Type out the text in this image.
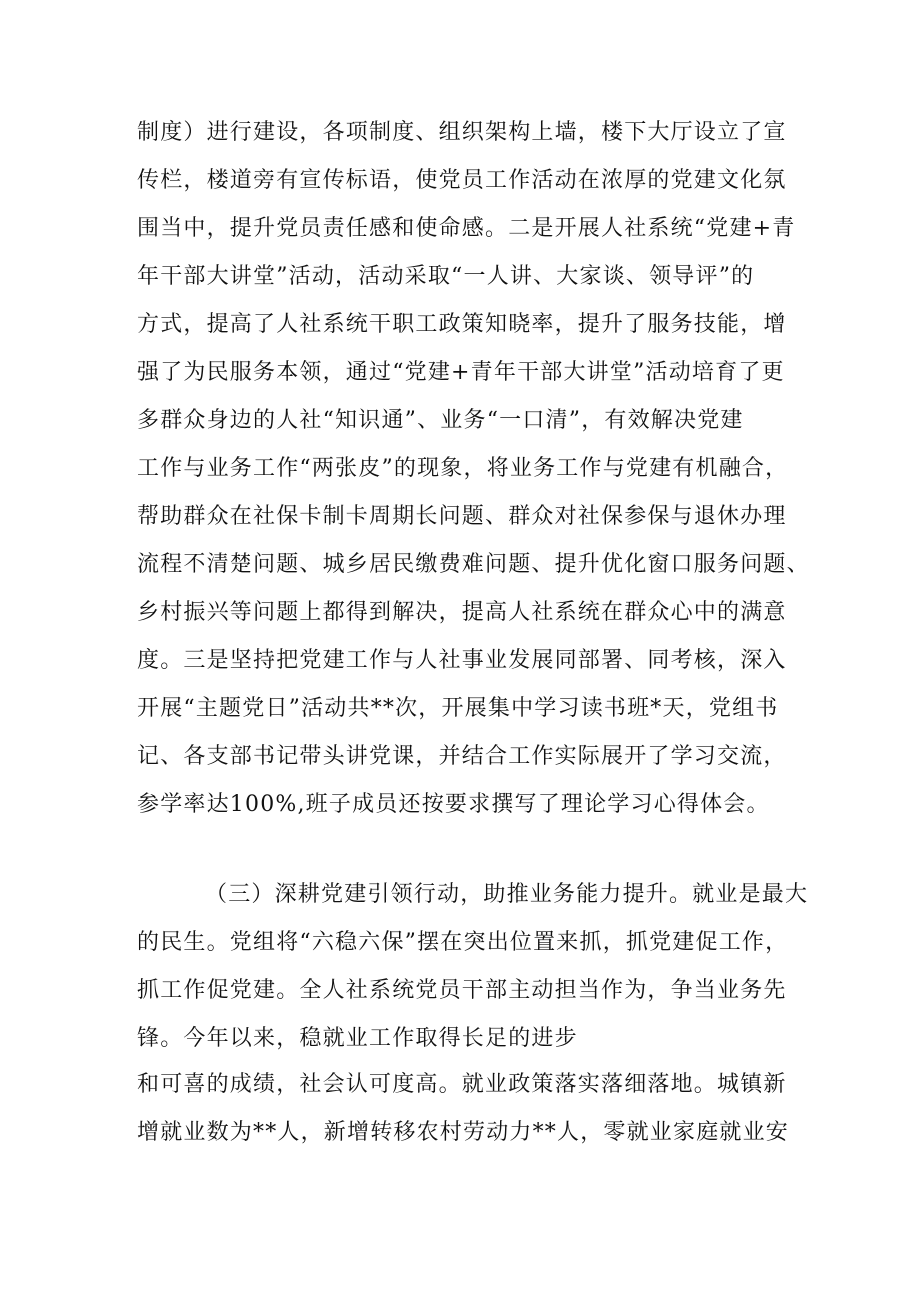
制度）进行建设，各项制度、组织架构上墙，楼下大厅设立了宣
传栏，楼道旁有宣传标语，使党员工作活动在浓厚的党建文化氛
围当中，提升党员责任感和使命感。二是开展人社系统“党建+青
年干部大讲堂”活动，活动采取“一人讲、大家谈、领导评”的
方式，提高了人社系统干职工政策知晓率，提升了服务技能，增
强了为民服务本领，通过“党建+青年干部大讲堂”活动培育了更
多群众身边的人社“知识通”、业务“一口清”，有效解决党建
工作与业务工作“两张皮”的现象，将业务工作与党建有机融合，
帮助群众在社保卡制卡周期长问题、群众对社保参保与退休办理
流程不清楚问题、城乡居民缴费难问题、提升优化窗口服务问题、
乡村振兴等问题上都得到解决，提高人社系统在群众心中的满意
度。三是坚持把党建工作与人社事业发展同部署、同考核，深入
开展“主题党日”活动共**次，开展集中学习读书班*天，党组书
记、各支部书记带头讲党课，并结合工作实际展开了学习交流，
参学率达100%,班子成员还按要求撰写了理论学习心得体会。
（三）深耕党建引领行动，助推业务能力提升。就业是最大
的民生。党组将“六稳六保”摆在突出位置来抓，抓党建促工作，
抓工作促党建。全人社系统党员干部主动担当作为，争当业务先
锋。今年以来，稳就业工作取得长足的进步
和可喜的成绩，社会认可度高。就业政策落实落细落地。城镇新
增就业数为**人，新增转移农村劳动力**人，零就业家庭就业安
